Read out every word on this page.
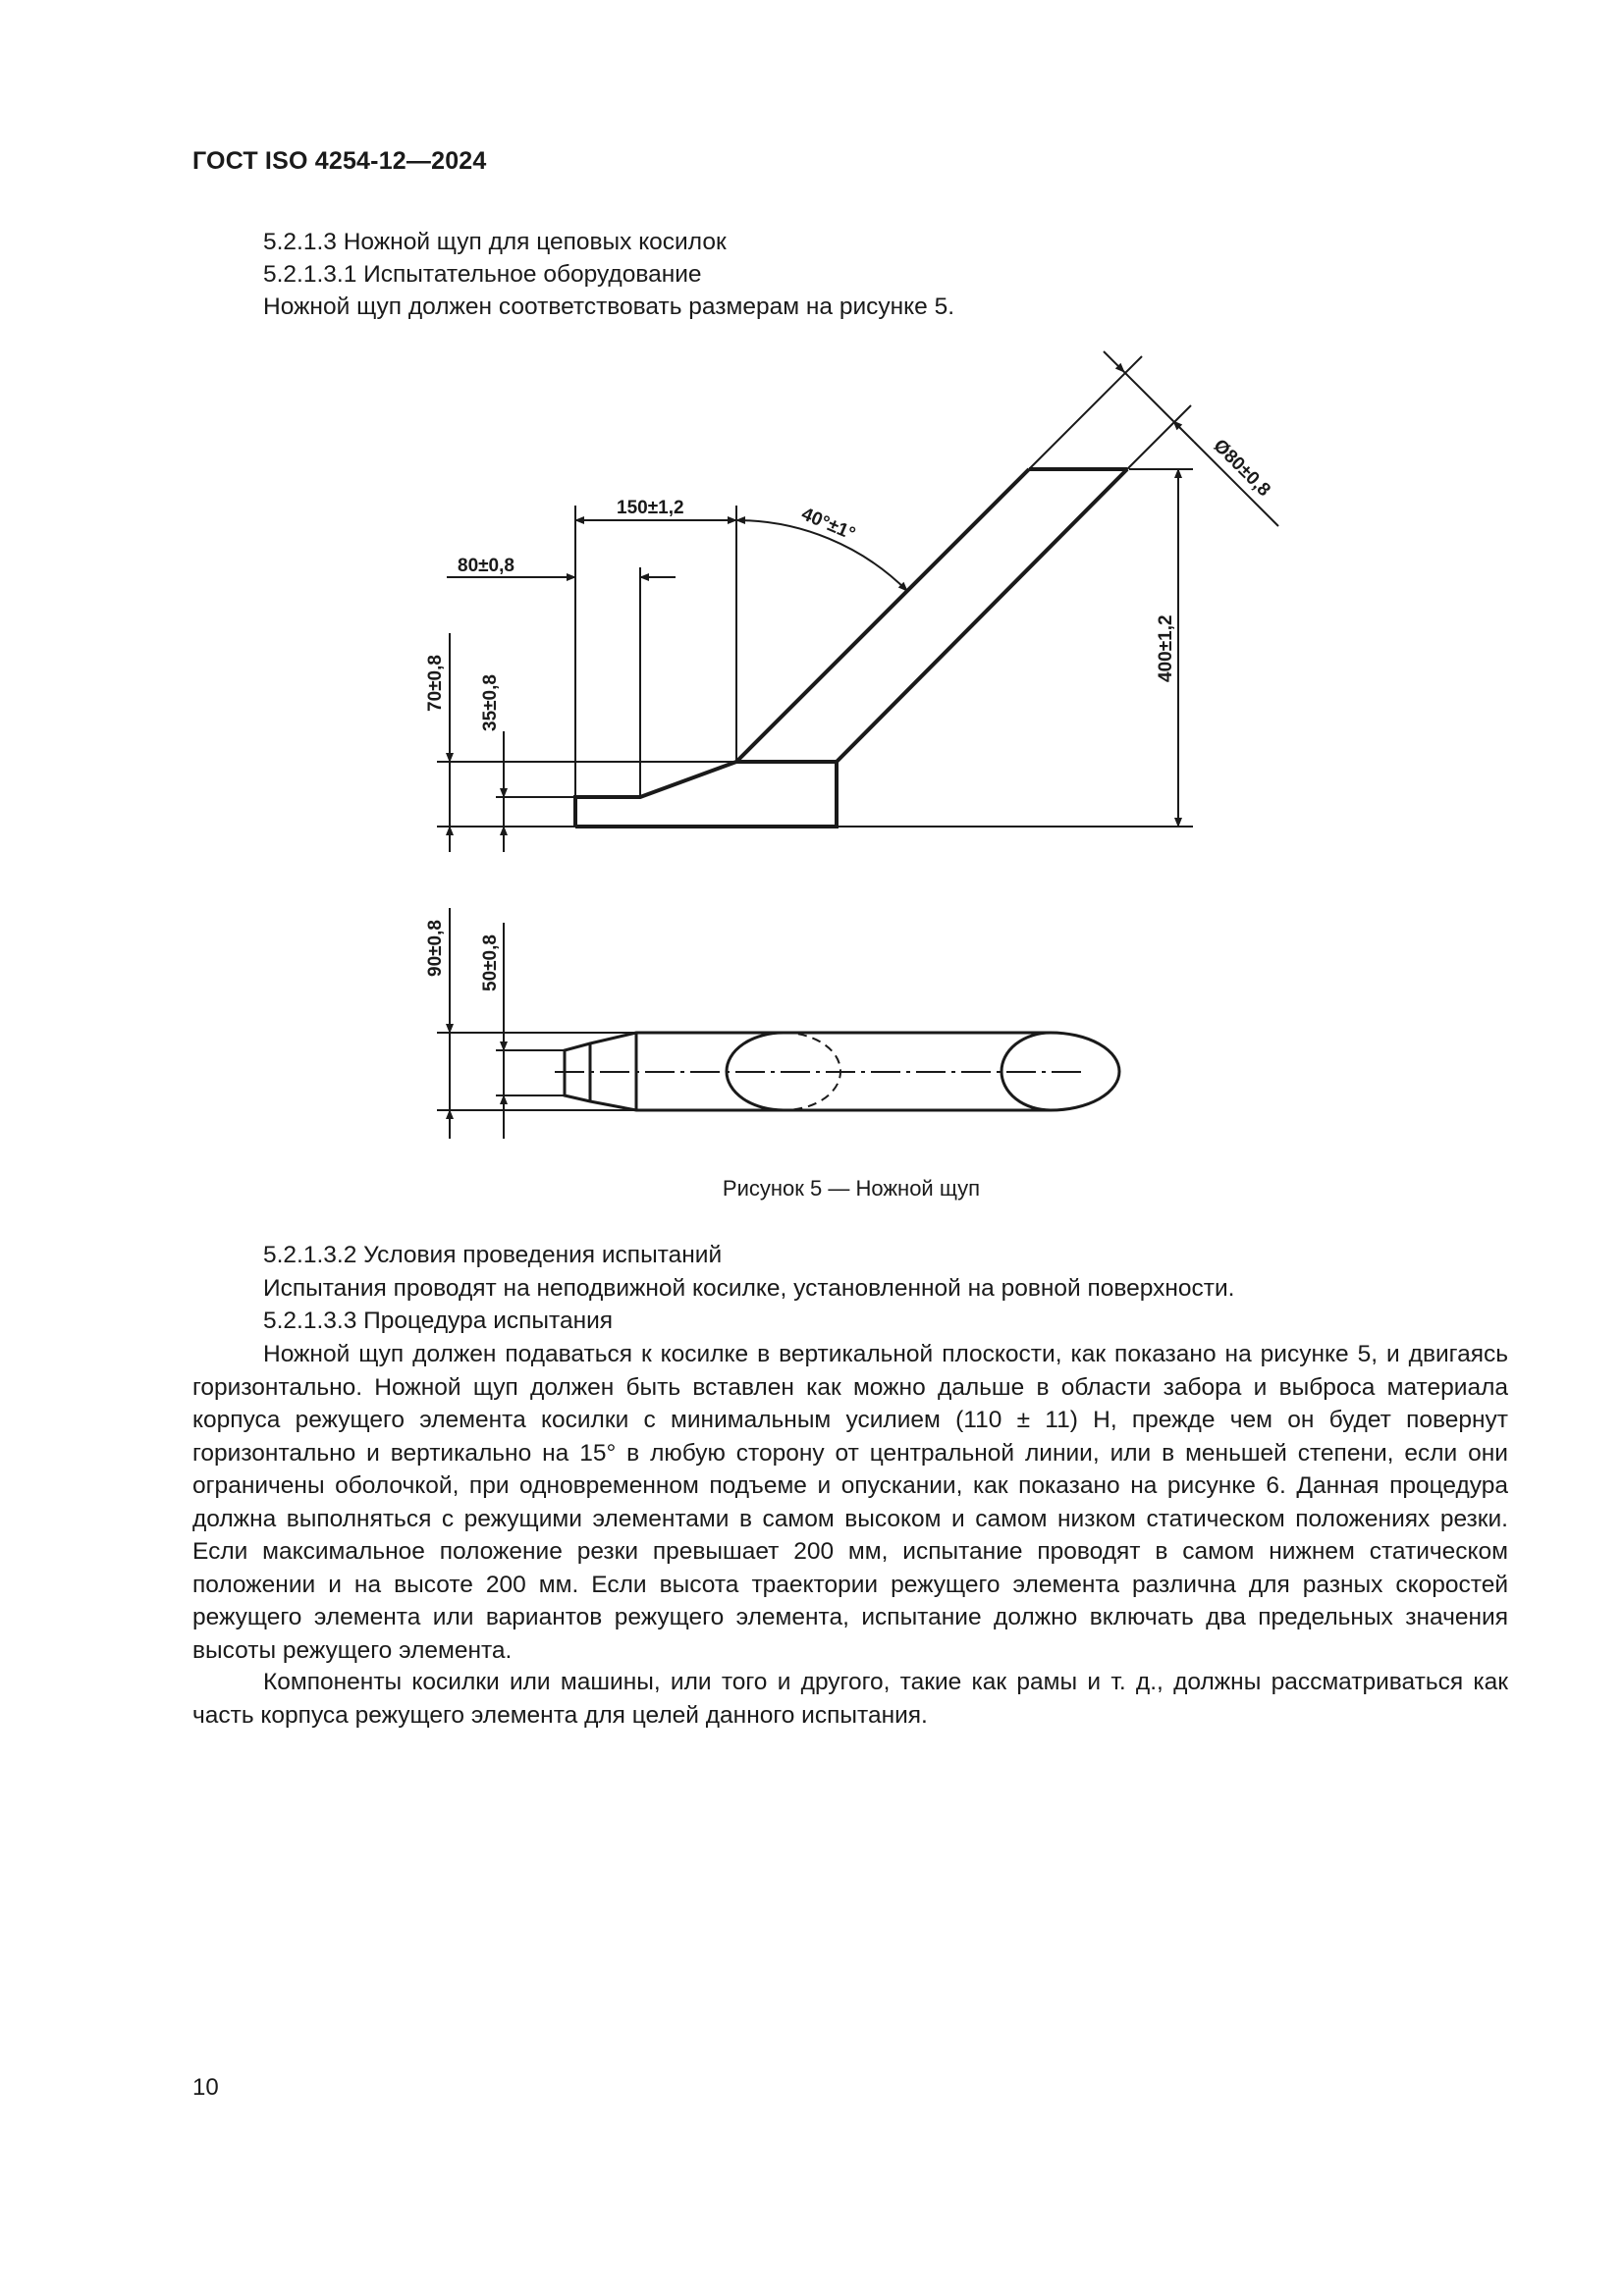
ГОСТ ISO 4254-12—2024

5.2.1.3 Ножной щуп для цеповых косилок

5.2.1.3.1 Испытательное оборудование

Ножной щуп должен соответствовать размерам на рисунке 5.

150±1,2
80±0,8
40°±1°
Ø80±0,8
400±1,2
70±0,8 35±0,8
90±0,8 50±0,8
Рисунок 5 — Ножной щуп

5.2.1.3.2 Условия проведения испытаний

Испытания проводят на неподвижной косилке, установленной на ровной поверхности.

5.2.1.3.3 Процедура испытания

Ножной щуп должен подаваться к косилке в вертикальной плоскости, как показано на рисунке 5, и двигаясь горизонтально. Ножной щуп должен быть вставлен как можно дальше в области забора и выброса материала корпуса режущего элемента косилки с минимальным усилием (110 ± 11) Н, прежде чем он будет повернут горизонтально и вертикально на 15° в любую сторону от центральной линии, или в меньшей степени, если они ограничены оболочкой, при одновременном подъеме и опускании, как показано на рисунке 6. Данная процедура должна выполняться с режущими элементами в самом высоком и самом низком статическом положениях резки. Если максимальное положение резки превышает 200 мм, испытание проводят в самом нижнем статическом положении и на высоте 200 мм. Если высота траектории режущего элемента различна для разных скоростей режущего элемента или вариантов режущего элемента, испытание должно включать два предельных значения высоты режущего элемента.

Компоненты косилки или машины, или того и другого, такие как рамы и т. д., должны рассматриваться как часть корпуса режущего элемента для целей данного испытания.

10
